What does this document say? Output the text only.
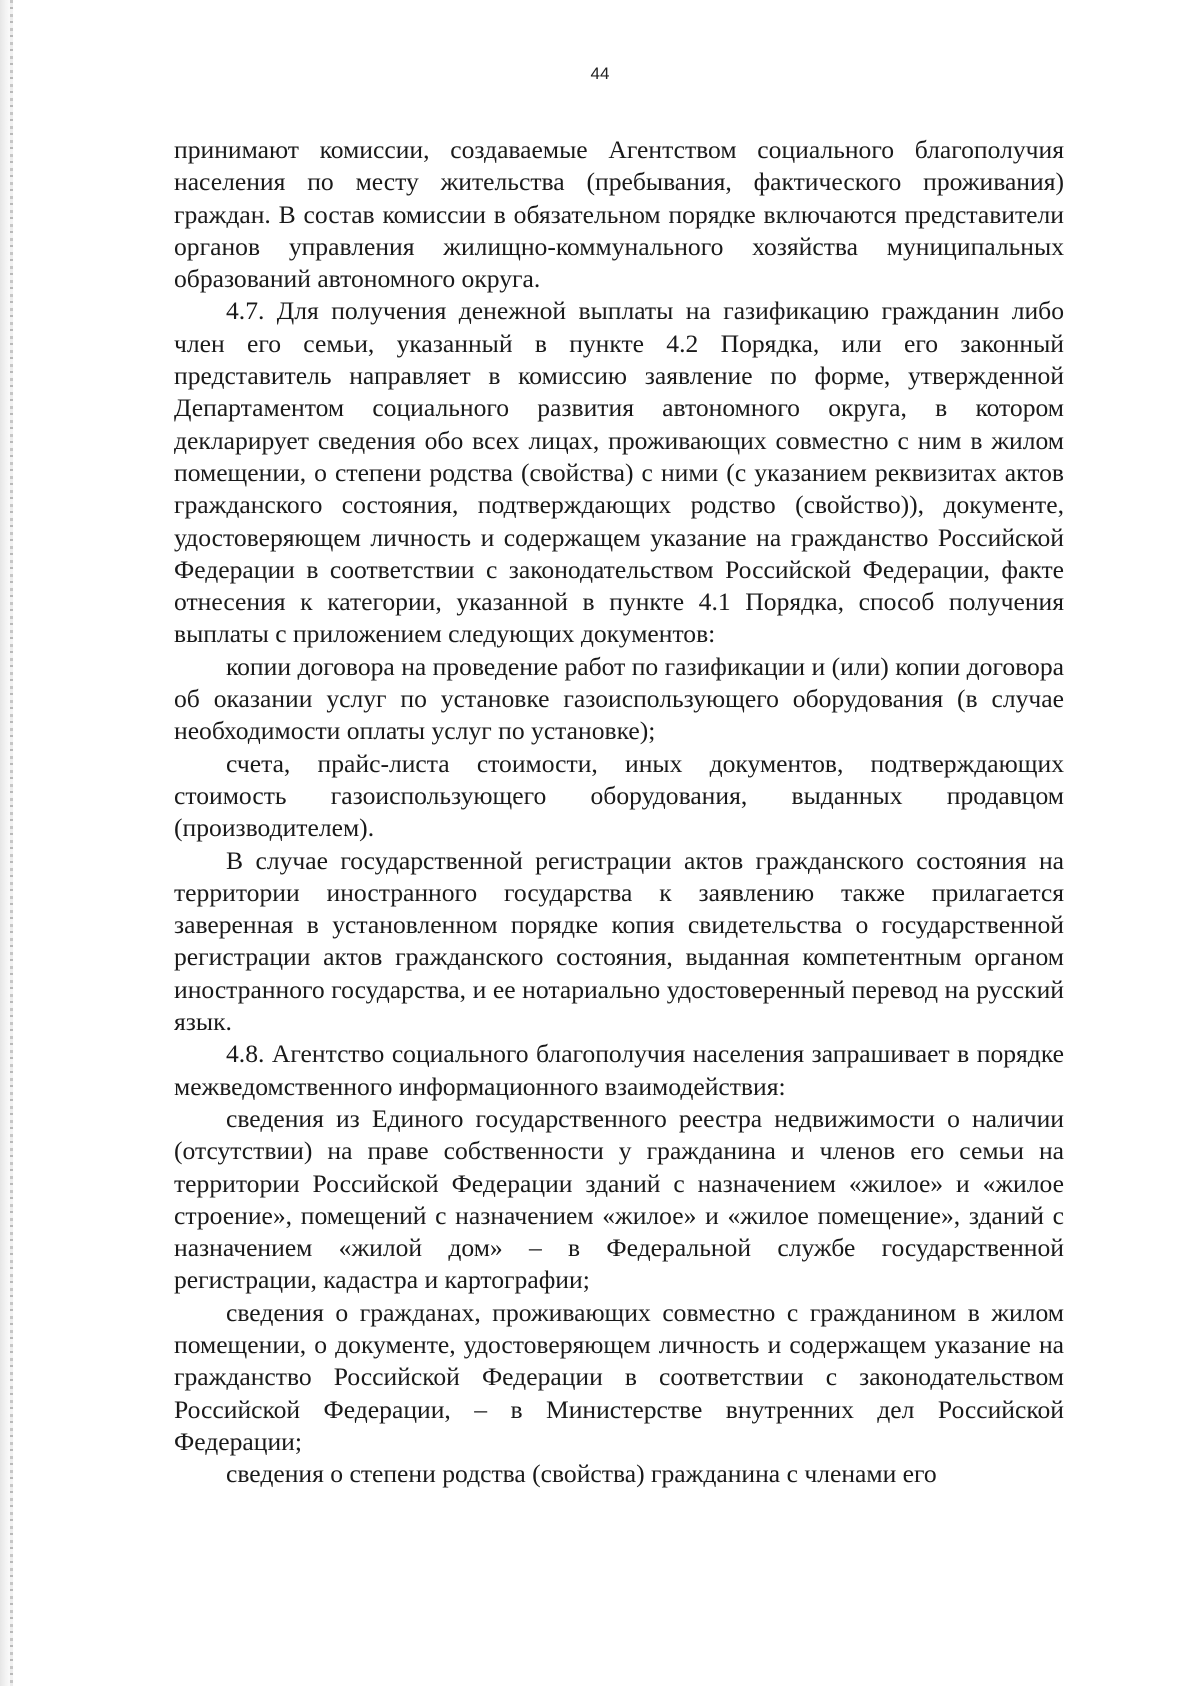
44

принимают комиссии, создаваемые Агентством социального благополучия населения по месту жительства (пребывания, фактического проживания) граждан. В состав комиссии в обязательном порядке включаются представители органов управления жилищно-коммунального хозяйства муниципальных образований автономного округа.

4.7. Для получения денежной выплаты на газификацию гражданин либо член его семьи, указанный в пункте 4.2 Порядка, или его законный представитель направляет в комиссию заявление по форме, утвержденной Департаментом социального развития автономного округа, в котором декларирует сведения обо всех лицах, проживающих совместно с ним в жилом помещении, о степени родства (свойства) с ними (с указанием реквизитах актов гражданского состояния, подтверждающих родство (свойство)), документе, удостоверяющем личность и содержащем указание на гражданство Российской Федерации в соответствии с законодательством Российской Федерации, факте отнесения к категории, указанной в пункте 4.1 Порядка, способ получения выплаты с приложением следующих документов:

копии договора на проведение работ по газификации и (или) копии договора об оказании услуг по установке газоиспользующего оборудования (в случае необходимости оплаты услуг по установке);

счета, прайс-листа стоимости, иных документов, подтверждающих стоимость газоиспользующего оборудования, выданных продавцом (производителем).

В случае государственной регистрации актов гражданского состояния на территории иностранного государства к заявлению также прилагается заверенная в установленном порядке копия свидетельства о государственной регистрации актов гражданского состояния, выданная компетентным органом иностранного государства, и ее нотариально удостоверенный перевод на русский язык.

4.8. Агентство социального благополучия населения запрашивает в порядке межведомственного информационного взаимодействия:

сведения из Единого государственного реестра недвижимости о наличии (отсутствии) на праве собственности у гражданина и членов его семьи на территории Российской Федерации зданий с назначением «жилое» и «жилое строение», помещений с назначением «жилое» и «жилое помещение», зданий с назначением «жилой дом» – в Федеральной службе государственной регистрации, кадастра и картографии;

сведения о гражданах, проживающих совместно с гражданином в жилом помещении, о документе, удостоверяющем личность и содержащем указание на гражданство Российской Федерации в соответствии с законодательством Российской Федерации, – в Министерстве внутренних дел Российской Федерации;

сведения о степени родства (свойства) гражданина с членами его
